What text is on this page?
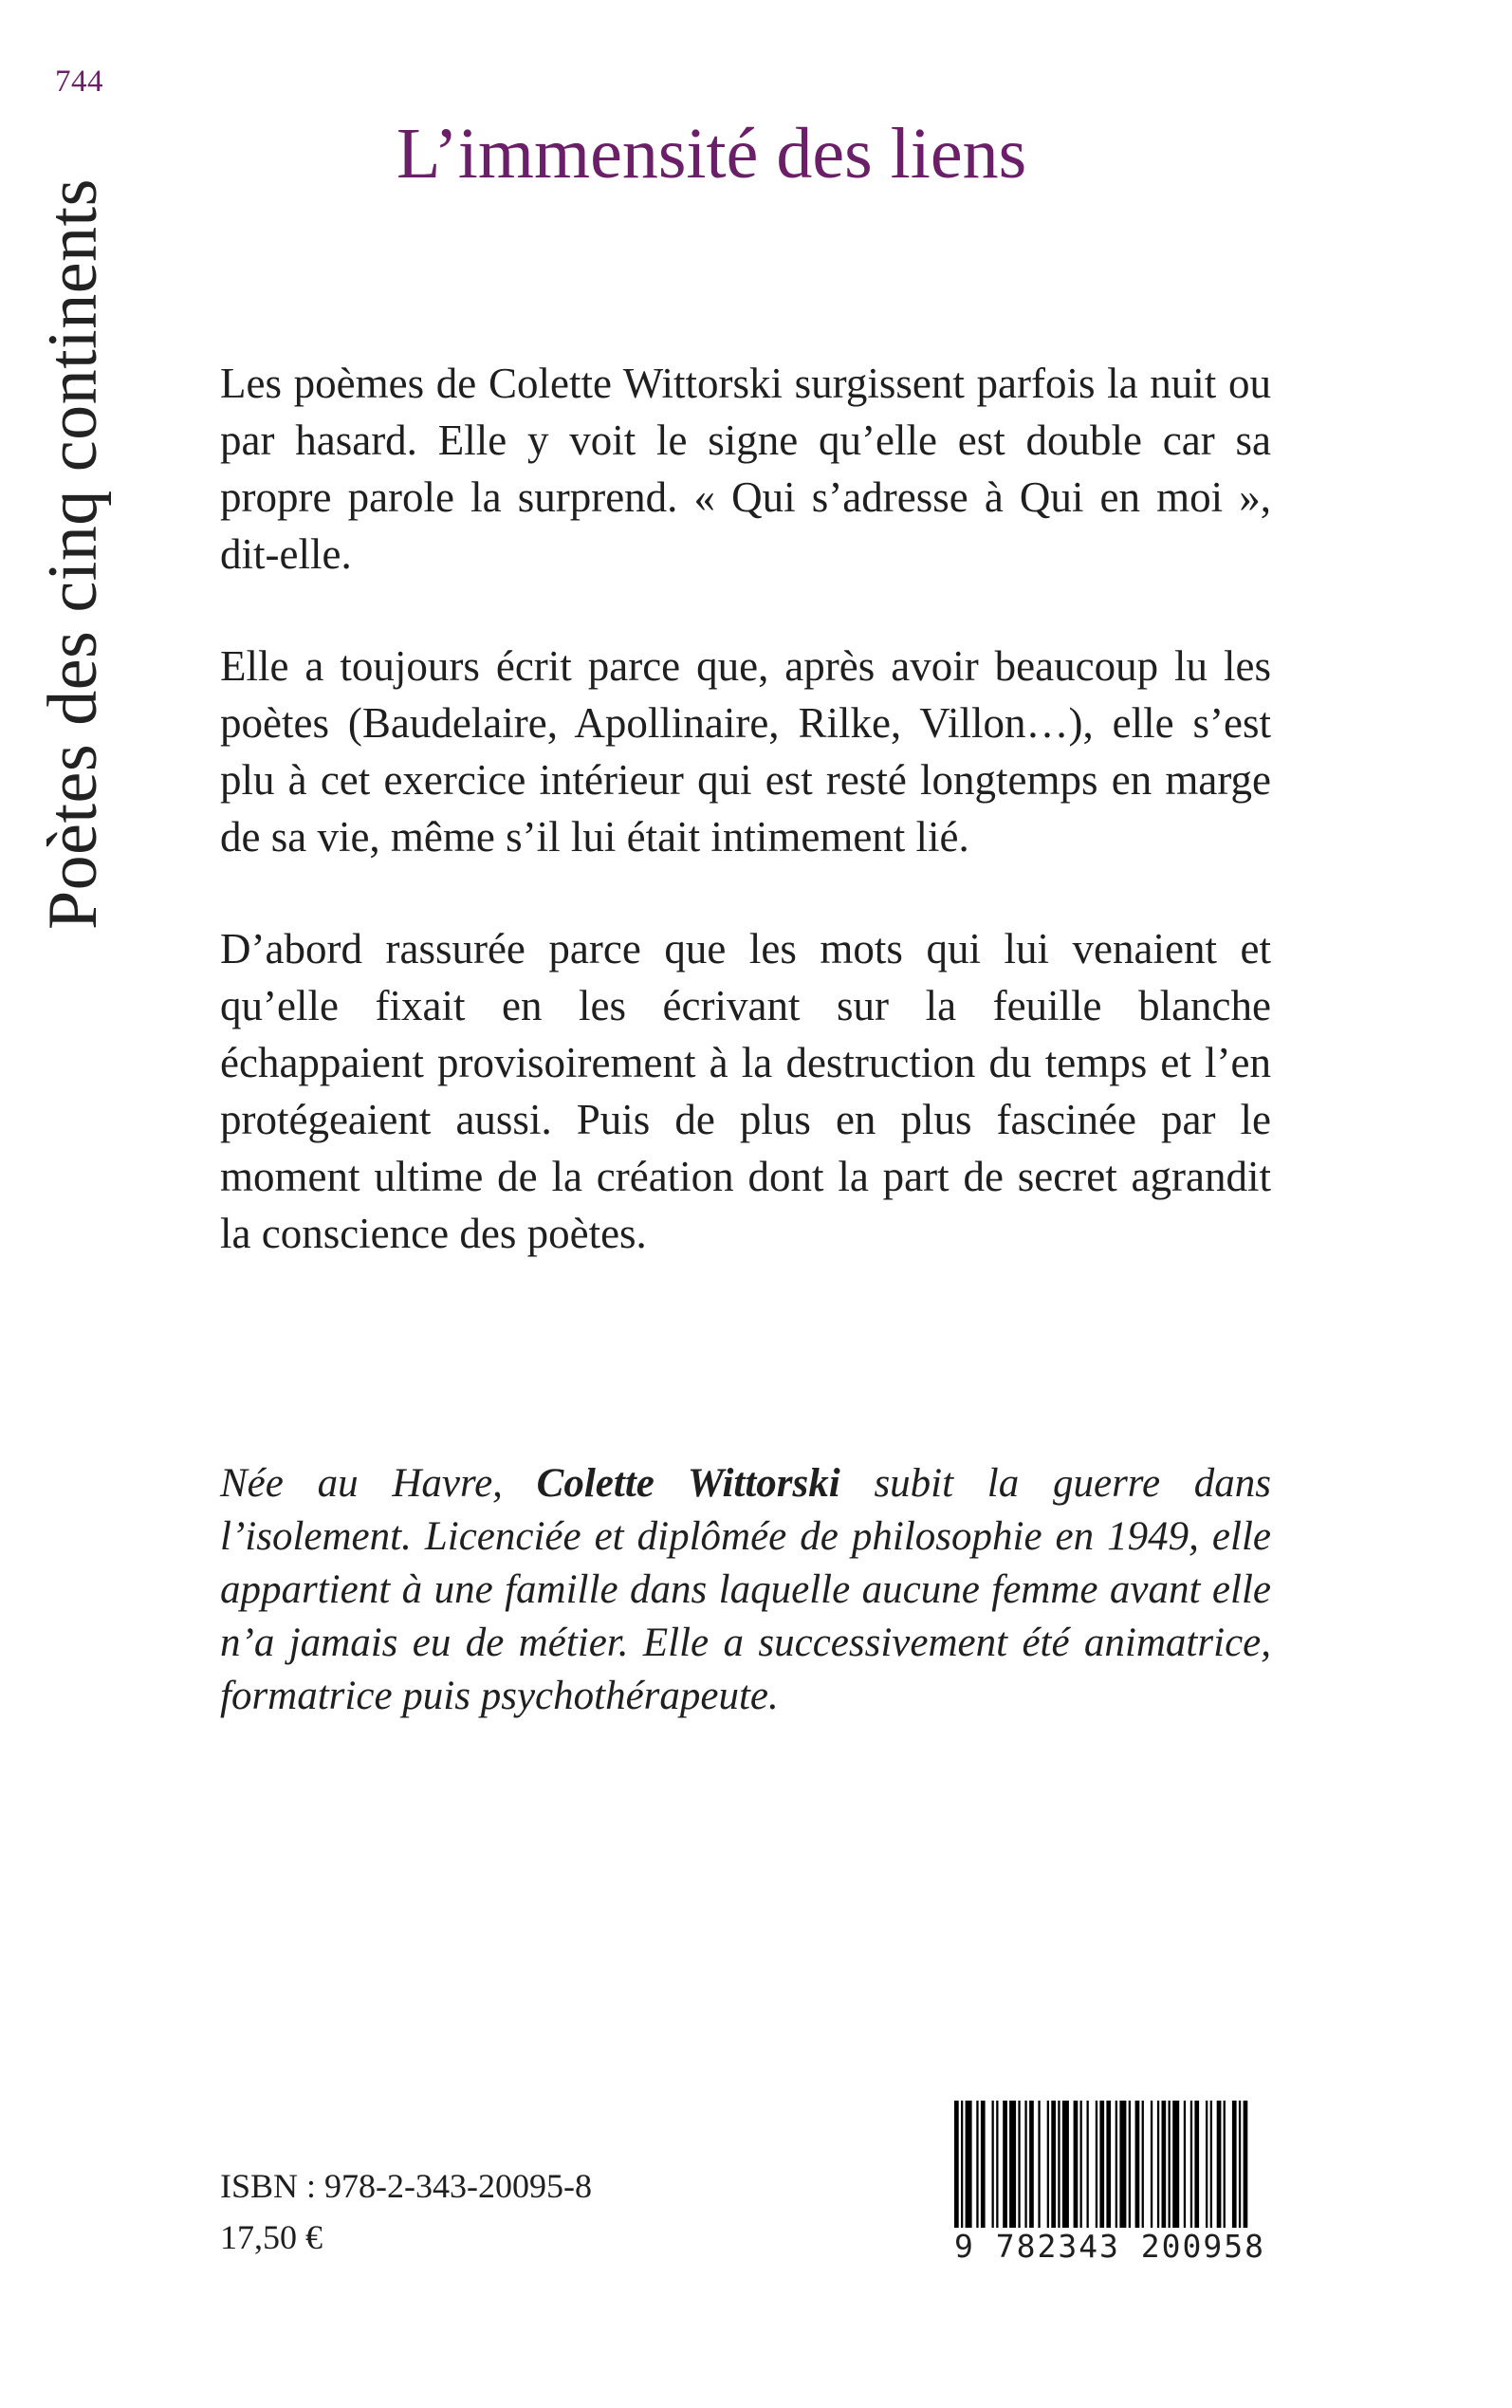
744
Poètes des cinq continents
L’immensité des liens

Les poèmes de Colette Wittorski surgissent parfois la nuit ou par hasard. Elle y voit le signe qu’elle est double car sa propre parole la surprend. « Qui s’adresse à Qui en moi », dit-elle.

Elle a toujours écrit parce que, après avoir beaucoup lu les poètes (Baudelaire, Apollinaire, Rilke, Villon…), elle s’est plu à cet exercice intérieur qui est resté longtemps en marge de sa vie, même s’il lui était intimement lié.

D’abord rassurée parce que les mots qui lui venaient et qu’elle fixait en les écrivant sur la feuille blanche échappaient provisoirement à la destruction du temps et l’en protégeaient aussi. Puis de plus en plus fascinée par le moment ultime de la création dont la part de secret agrandit la conscience des poètes.

Née au Havre, Colette Wittorski subit la guerre dans l’isolement. Licenciée et diplômée de philosophie en 1949, elle appartient à une famille dans laquelle aucune femme avant elle n’a jamais eu de métier. Elle a successivement été animatrice, formatrice puis psychothérapeute.

ISBN : 978-2-343-20095-8
17,50 €	9 782343 200958
